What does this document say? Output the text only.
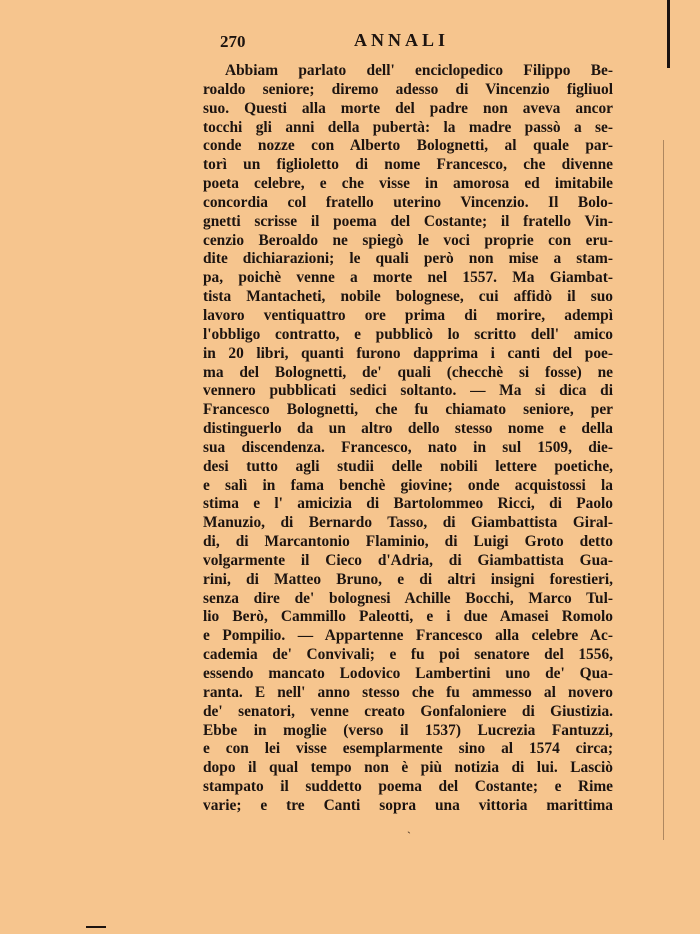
270	ANNALI
Abbiam parlato dell' enciclopedico Filippo Be-
roaldo seniore; diremo adesso di Vincenzio figliuol
suo. Questi alla morte del padre non aveva ancor
tocchi gli anni della pubertà: la madre passò a se-
conde nozze con Alberto Bolognetti, al quale par-
torì un figlioletto di nome Francesco, che divenne
poeta celebre, e che visse in amorosa ed imitabile
concordia col fratello uterino Vincenzio. Il Bolo-
gnetti scrisse il poema del Costante; il fratello Vin-
cenzio Beroaldo ne spiegò le voci proprie con eru-
dite dichiarazioni; le quali però non mise a stam-
pa, poichè venne a morte nel 1557. Ma Giambat-
tista Mantacheti, nobile bolognese, cui affidò il suo
lavoro ventiquattro ore prima di morire, adempì
l'obbligo contratto, e pubblicò lo scritto dell' amico
in 20 libri, quanti furono dapprima i canti del poe-
ma del Bolognetti, de' quali (checchè si fosse) ne
vennero pubblicati sedici soltanto. — Ma si dica di
Francesco Bolognetti, che fu chiamato seniore, per
distinguerlo da un altro dello stesso nome e della
sua discendenza. Francesco, nato in sul 1509, die-
desi tutto agli studii delle nobili lettere poetiche,
e salì in fama benchè giovine; onde acquistossi la
stima e l' amicizia di Bartolommeo Ricci, di Paolo
Manuzio, di Bernardo Tasso, di Giambattista Giral-
di, di Marcantonio Flaminio, di Luigi Groto detto
volgarmente il Cieco d'Adria, di Giambattista Gua-
rini, di Matteo Bruno, e di altri insigni forestieri,
senza dire de' bolognesi Achille Bocchi, Marco Tul-
lio Berò, Cammillo Paleotti, e i due Amasei Romolo
e Pompilio. — Appartenne Francesco alla celebre Ac-
cademia de' Convivali; e fu poi senatore del 1556,
essendo mancato Lodovico Lambertini uno de' Qua-
ranta. E nell' anno stesso che fu ammesso al novero
de' senatori, venne creato Gonfaloniere di Giustizia.
Ebbe in moglie (verso il 1537) Lucrezia Fantuzzi,
e con lei visse esemplarmente sino al 1574 circa;
dopo il qual tempo non è più notizia di lui. Lasciò
stampato il suddetto poema del Costante; e Rime
varie; e tre Canti sopra una vittoria marittima
ˎ
